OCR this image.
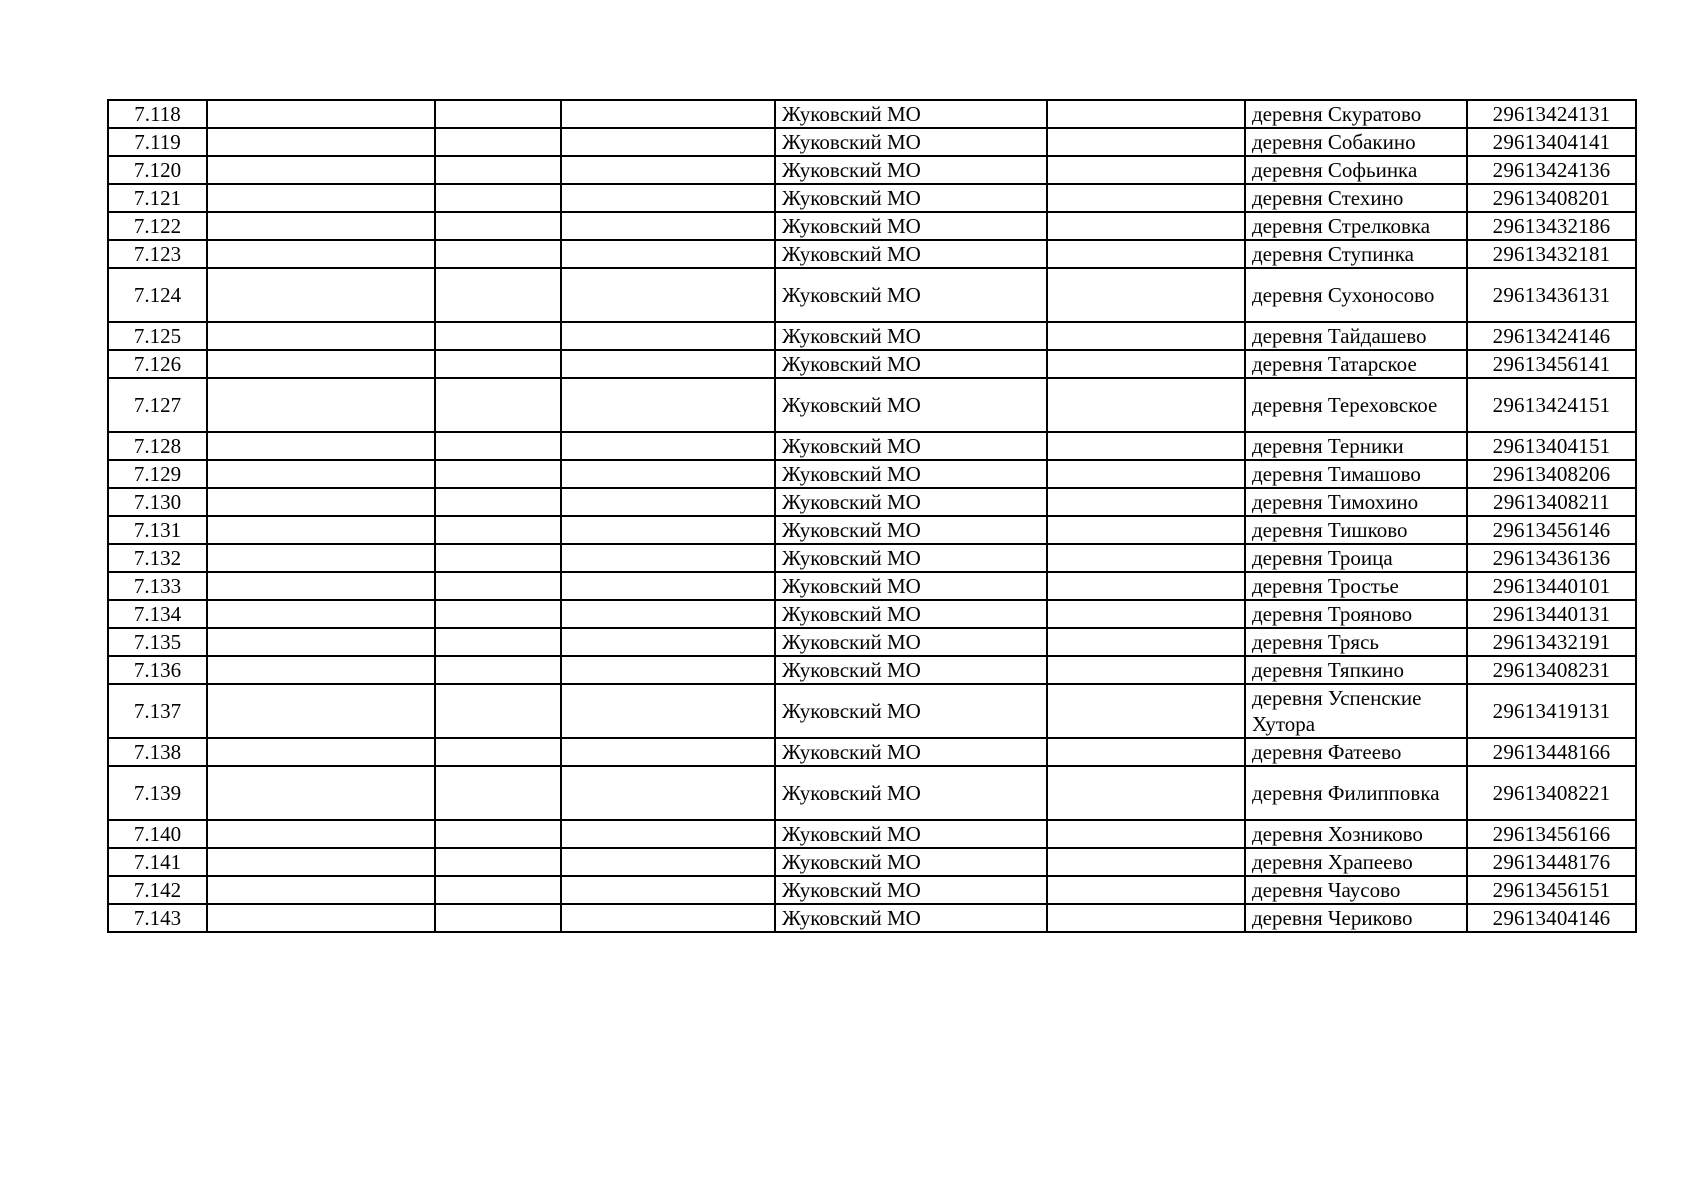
7.118				Жуковский МО		деревня Скуратово	29613424131
7.119				Жуковский МО		деревня Собакино	29613404141
7.120				Жуковский МО		деревня Софьинка	29613424136
7.121				Жуковский МО		деревня Стехино	29613408201
7.122				Жуковский МО		деревня Стрелковка	29613432186
7.123				Жуковский МО		деревня Ступинка	29613432181
7.124				Жуковский МО		деревня Сухоносово	29613436131
7.125				Жуковский МО		деревня Тайдашево	29613424146
7.126				Жуковский МО		деревня Татарское	29613456141
7.127				Жуковский МО		деревня Тереховское	29613424151
7.128				Жуковский МО		деревня Терники	29613404151
7.129				Жуковский МО		деревня Тимашово	29613408206
7.130				Жуковский МО		деревня Тимохино	29613408211
7.131				Жуковский МО		деревня Тишково	29613456146
7.132				Жуковский МО		деревня Троица	29613436136
7.133				Жуковский МО		деревня Тростье	29613440101
7.134				Жуковский МО		деревня Трояново	29613440131
7.135				Жуковский МО		деревня Трясь	29613432191
7.136				Жуковский МО		деревня Тяпкино	29613408231
7.137				Жуковский МО		деревня Успенские Хутора	29613419131
7.138				Жуковский МО		деревня Фатеево	29613448166
7.139				Жуковский МО		деревня Филипповка	29613408221
7.140				Жуковский МО		деревня Хозниково	29613456166
7.141				Жуковский МО		деревня Храпеево	29613448176
7.142				Жуковский МО		деревня Чаусово	29613456151
7.143				Жуковский МО		деревня Чериково	29613404146
